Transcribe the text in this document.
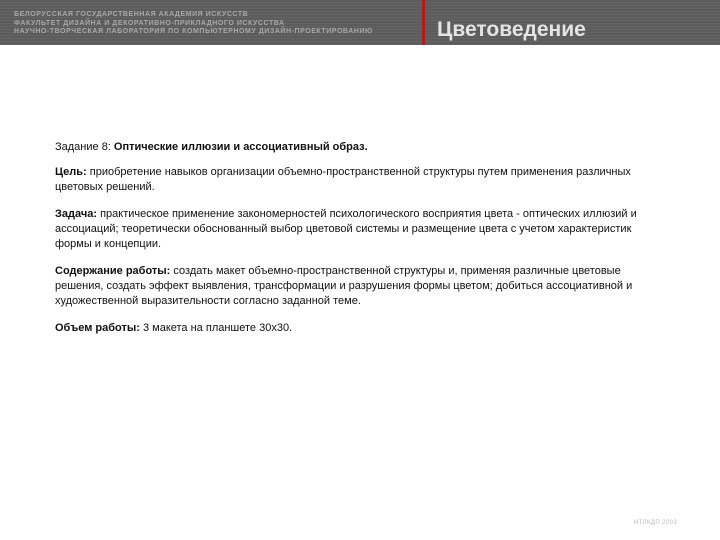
БЕЛОРУССКАЯ ГОСУДАРСТВЕННАЯ АКАДЕМИЯ ИСКУССТВ
ФАКУЛЬТЕТ ДИЗАЙНА И ДЕКОРАТИВНО-ПРИКЛАДНОГО ИСКУССТВА
НАУЧНО-ТВОРЧЕСКАЯ ЛАБОРАТОРИЯ ПО КОМПЬЮТЕРНОМУ ДИЗАЙН-ПРОЕКТИРОВАНИЮ	Цветоведение

Задание 8: Оптические иллюзии и ассоциативный образ.

Цель: приобретение навыков организации объемно-пространственной структуры путем применения различных цветовых решений.

Задача: практическое применение закономерностей психологического восприятия цвета - оптических иллюзий и ассоциаций; теоретически обоснованный выбор цветовой системы и размещение цвета с учетом характеристик формы и концепции.

Содержание работы: создать макет объемно-пространственной структуры и, применяя различные цветовые решения, создать эффект выявления, трансформации и разрушения формы цветом; добиться ассоциативной и художественной выразительности согласно заданной теме.

Объем работы: 3 макета на планшете 30х30.

НТЛКДП 2003
